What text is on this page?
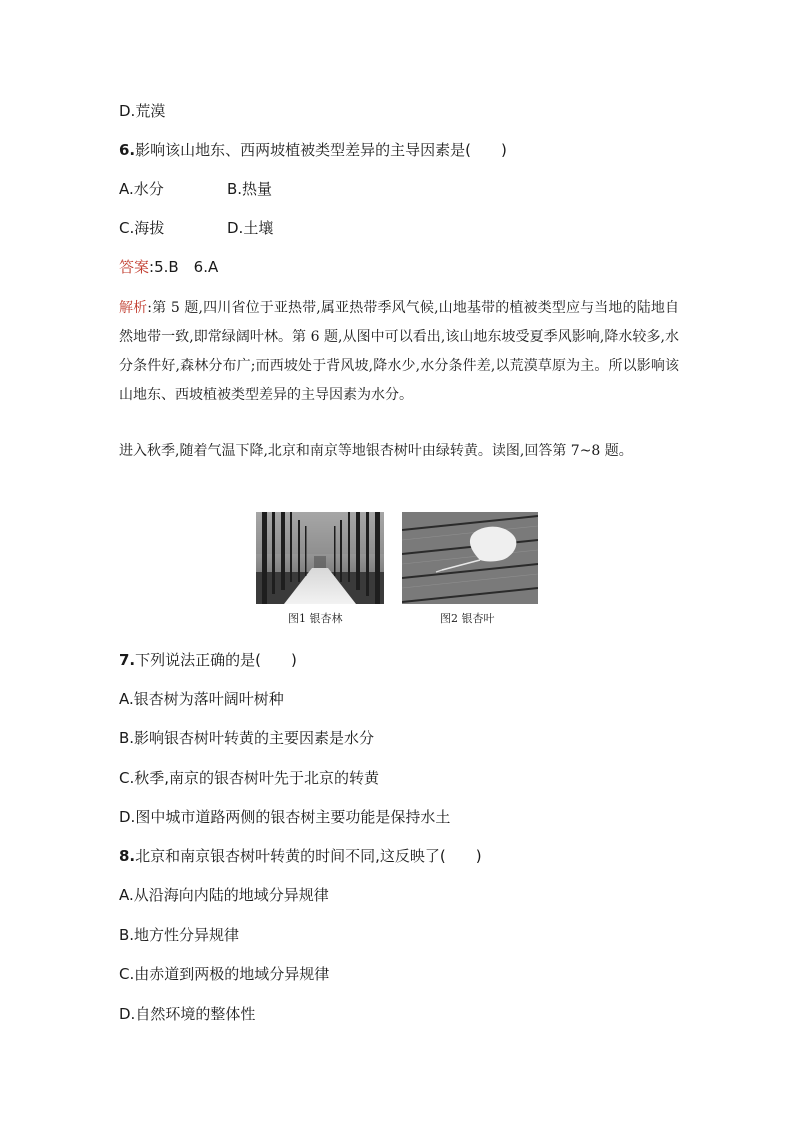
D.荒漠
6.影响该山地东、西两坡植被类型差异的主导因素是(　　)
A.水分	B.热量
C.海拔	D.土壤
答案:5.B　6.A
解析:第 5 题,四川省位于亚热带,属亚热带季风气候,山地基带的植被类型应与当地的陆地自然地带一致,即常绿阔叶林。第 6 题,从图中可以看出,该山地东坡受夏季风影响,降水较多,水分条件好,森林分布广;而西坡处于背风坡,降水少,水分条件差,以荒漠草原为主。所以影响该山地东、西坡植被类型差异的主导因素为水分。
进入秋季,随着气温下降,北京和南京等地银杏树叶由绿转黄。读图,回答第 7~8 题。
图1 银杏林	图2 银杏叶
7.下列说法正确的是(　　)
A.银杏树为落叶阔叶树种
B.影响银杏树叶转黄的主要因素是水分
C.秋季,南京的银杏树叶先于北京的转黄
D.图中城市道路两侧的银杏树主要功能是保持水土
8.北京和南京银杏树叶转黄的时间不同,这反映了(　　)
A.从沿海向内陆的地域分异规律
B.地方性分异规律
C.由赤道到两极的地域分异规律
D.自然环境的整体性
